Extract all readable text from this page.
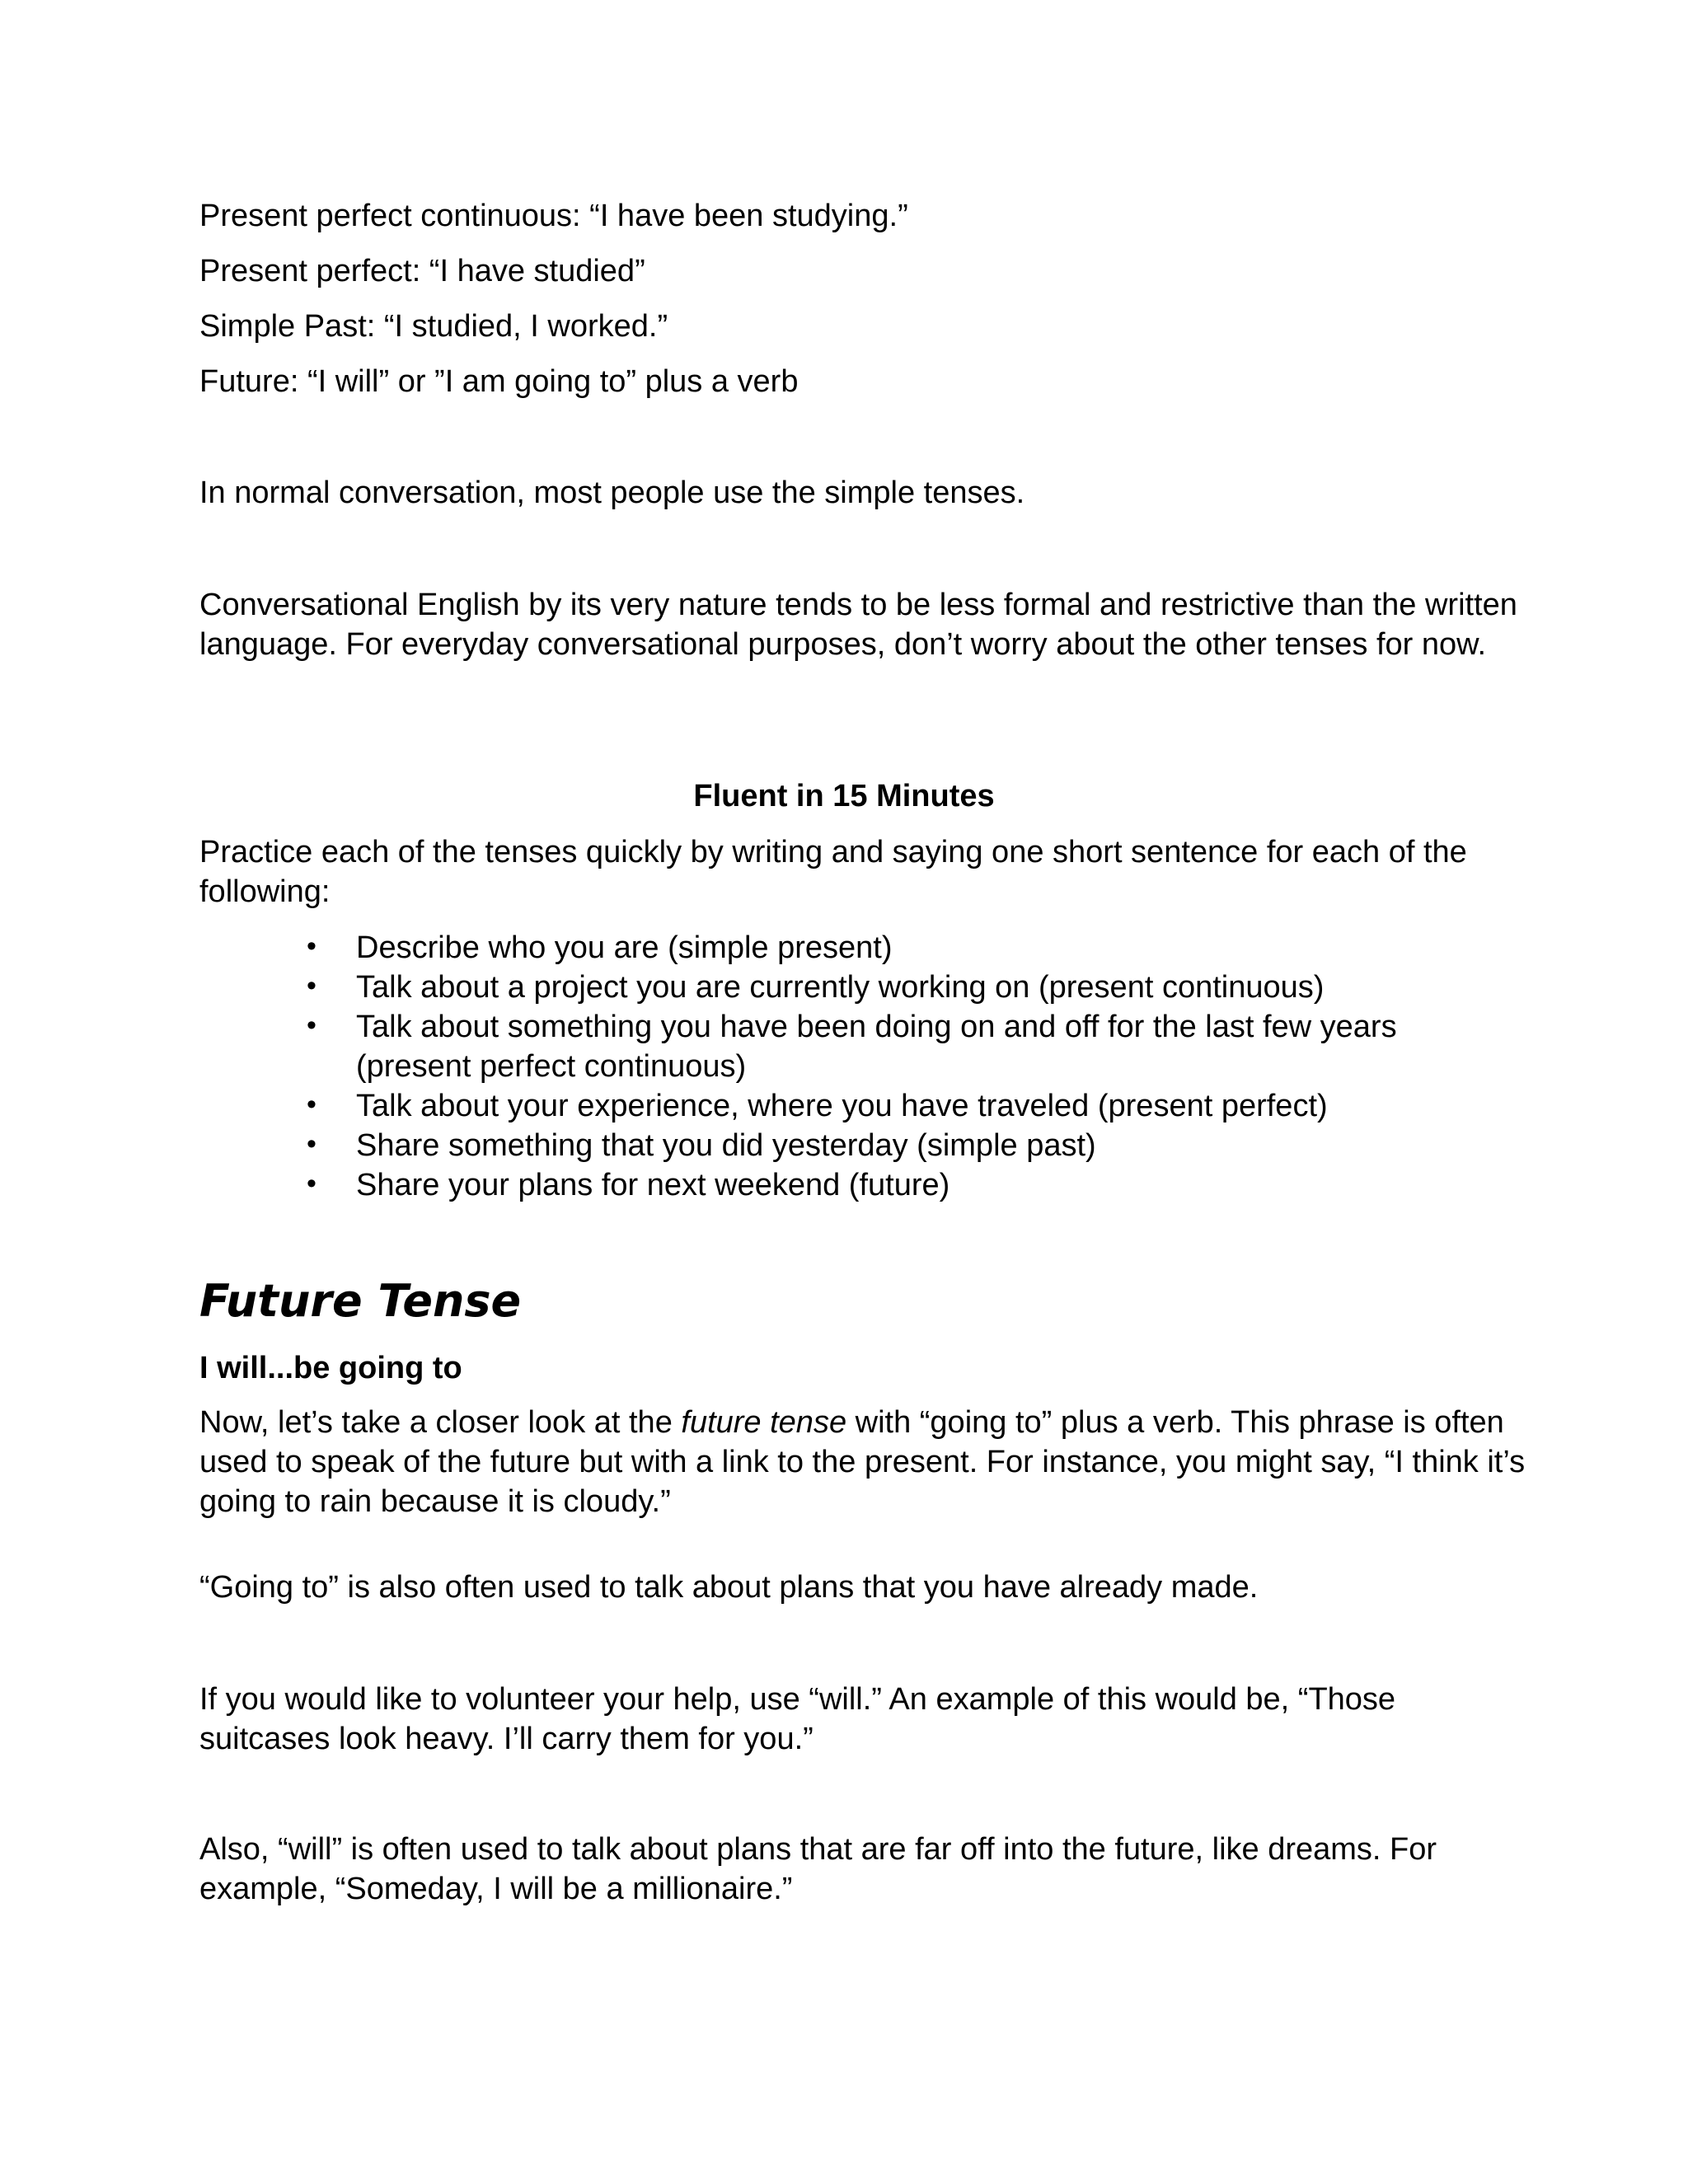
Present perfect continuous: “I have been studying.”

Present perfect: “I have studied”

Simple Past: “I studied, I worked.”

Future: “I will” or ”I am going to” plus a verb

In normal conversation, most people use the simple tenses.

Conversational English by its very nature tends to be less formal and restrictive than the written language. For everyday conversational purposes, don’t worry about the other tenses for now.

Fluent in 15 Minutes

Practice each of the tenses quickly by writing and saying one short sentence for each of the following:

• Describe who you are (simple present)
• Talk about a project you are currently working on (present continuous)
• Talk about something you have been doing on and off for the last few years (present perfect continuous)
• Talk about your experience, where you have traveled (present perfect)
• Share something that you did yesterday (simple past)
• Share your plans for next weekend (future)
Future Tense

I will...be going to

Now, let’s take a closer look at the future tense with “going to” plus a verb. This phrase is often used to speak of the future but with a link to the present. For instance, you might say, “I think it’s going to rain because it is cloudy.”

“Going to” is also often used to talk about plans that you have already made.

If you would like to volunteer your help, use “will.” An example of this would be, “Those suitcases look heavy. I’ll carry them for you.”

Also, “will” is often used to talk about plans that are far off into the future, like dreams. For example, “Someday, I will be a millionaire.”
